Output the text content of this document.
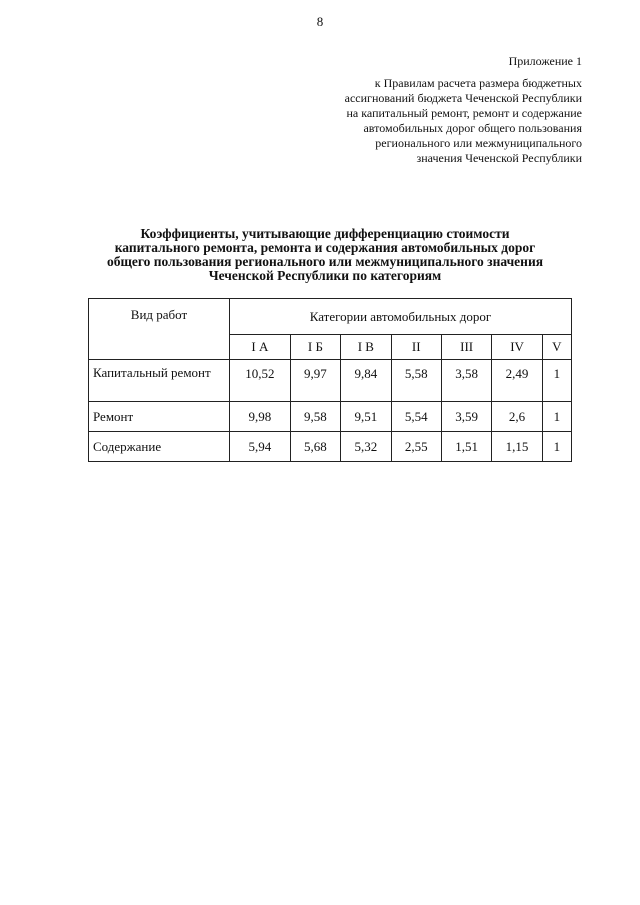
8
Приложение 1
к Правилам расчета размера бюджетных
ассигнований бюджета Чеченской Республики
на капитальный ремонт, ремонт и содержание
автомобильных дорог общего пользования
регионального или межмуниципального
значения Чеченской Республики
Коэффициенты, учитывающие дифференциацию стоимости
капитального ремонта, ремонта и содержания автомобильных дорог
общего пользования регионального или межмуниципального значения
Чеченской Республики по категориям
Вид работ	Категории автомобильных дорог						
	I А	I Б	I В	II	III	IV	V
Капитальный ремонт	10,52	9,97	9,84	5,58	3,58	2,49	1
Ремонт	9,98	9,58	9,51	5,54	3,59	2,6	1
Содержание	5,94	5,68	5,32	2,55	1,51	1,15	1
